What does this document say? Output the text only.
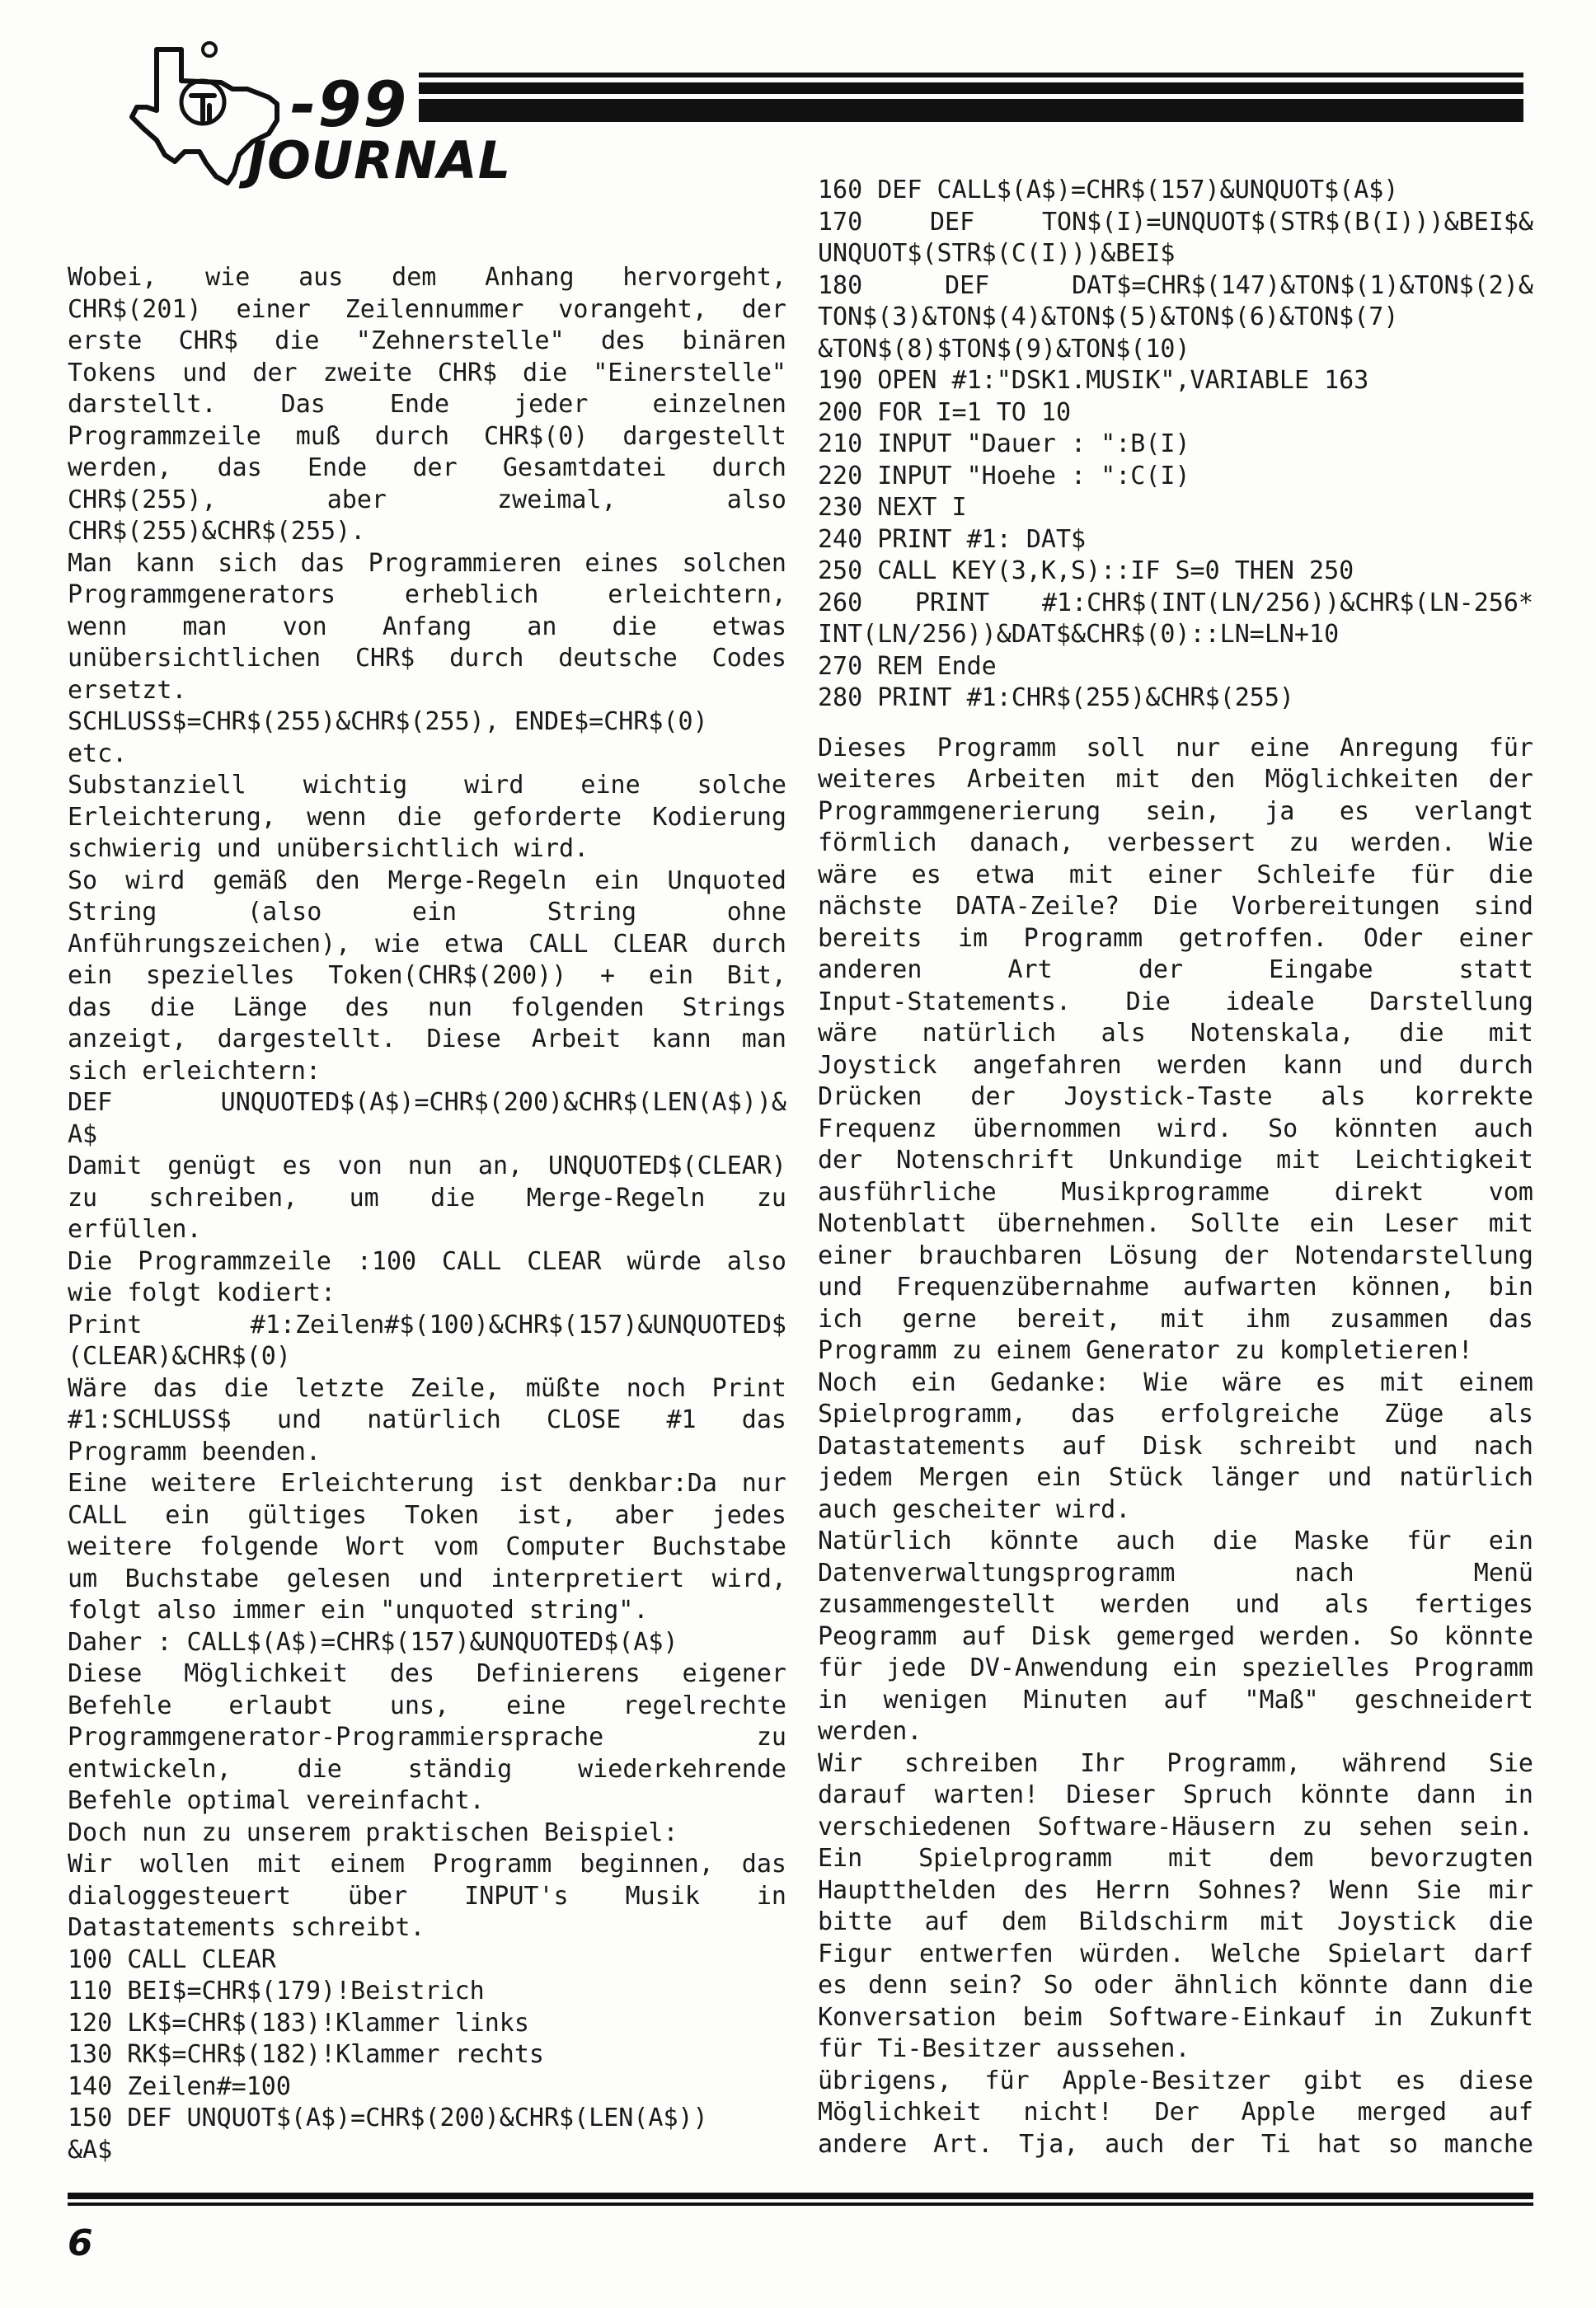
-99
JOURNAL
Wobei, wie aus dem Anhang hervorgeht,
CHR$(201) einer Zeilennummer vorangeht, der
erste CHR$ die "Zehnerstelle" des binären
Tokens und der zweite CHR$ die "Einerstelle"
darstellt. Das Ende jeder einzelnen
Programmzeile muß durch CHR$(0) dargestellt
werden, das Ende der Gesamtdatei durch
CHR$(255), aber zweimal, also
CHR$(255)&CHR$(255).
Man kann sich das Programmieren eines solchen
Programmgenerators erheblich erleichtern,
wenn man von Anfang an die etwas
unübersichtlichen CHR$ durch deutsche Codes
ersetzt.
SCHLUSS$=CHR$(255)&CHR$(255), ENDE$=CHR$(0)
etc.
Substanziell wichtig wird eine solche
Erleichterung, wenn die geforderte Kodierung
schwierig und unübersichtlich wird.
So wird gemäß den Merge-Regeln ein Unquoted
String (also ein String ohne
Anführungszeichen), wie etwa CALL CLEAR durch
ein spezielles Token(CHR$(200)) + ein Bit,
das die Länge des nun folgenden Strings
anzeigt, dargestellt. Diese Arbeit kann man
sich erleichtern:
DEF UNQUOTED$(A$)=CHR$(200)&CHR$(LEN(A$))&
A$
Damit genügt es von nun an, UNQUOTED$(CLEAR)
zu schreiben, um die Merge-Regeln zu
erfüllen.
Die Programmzeile :100 CALL CLEAR würde also
wie folgt kodiert:
Print #1:Zeilen#$(100)&CHR$(157)&UNQUOTED$
(CLEAR)&CHR$(0)
Wäre das die letzte Zeile, müßte noch Print
#1:SCHLUSS$ und natürlich CLOSE #1 das
Programm beenden.
Eine weitere Erleichterung ist denkbar:Da nur
CALL ein gültiges Token ist, aber jedes
weitere folgende Wort vom Computer Buchstabe
um Buchstabe gelesen und interpretiert wird,
folgt also immer ein "unquoted string".
Daher : CALL$(A$)=CHR$(157)&UNQUOTED$(A$)
Diese Möglichkeit des Definierens eigener
Befehle erlaubt uns, eine regelrechte
Programmgenerator-Programmiersprache zu
entwickeln, die ständig wiederkehrende
Befehle optimal vereinfacht.
Doch nun zu unserem praktischen Beispiel:
Wir wollen mit einem Programm beginnen, das
dialoggesteuert über INPUT's Musik in
Datastatements schreibt.
100 CALL CLEAR
110 BEI$=CHR$(179)!Beistrich
120 LK$=CHR$(183)!Klammer links
130 RK$=CHR$(182)!Klammer rechts
140 Zeilen#=100
150 DEF UNQUOT$(A$)=CHR$(200)&CHR$(LEN(A$))
&A$
160 DEF CALL$(A$)=CHR$(157)&UNQUOT$(A$)
170 DEF TON$(I)=UNQUOT$(STR$(B(I)))&BEI$&
UNQUOT$(STR$(C(I)))&BEI$
180 DEF DAT$=CHR$(147)&TON$(1)&TON$(2)&
TON$(3)&TON$(4)&TON$(5)&TON$(6)&TON$(7)
&TON$(8)$TON$(9)&TON$(10)
190 OPEN #1:"DSK1.MUSIK",VARIABLE 163
200 FOR I=1 TO 10
210 INPUT "Dauer : ":B(I)
220 INPUT "Hoehe : ":C(I)
230 NEXT I
240 PRINT #1: DAT$
250 CALL KEY(3,K,S)::IF S=0 THEN 250
260 PRINT #1:CHR$(INT(LN/256))&CHR$(LN-256*
INT(LN/256))&DAT$&CHR$(0)::LN=LN+10
270 REM Ende
280 PRINT #1:CHR$(255)&CHR$(255)
Dieses Programm soll nur eine Anregung für
weiteres Arbeiten mit den Möglichkeiten der
Programmgenerierung sein, ja es verlangt
förmlich danach, verbessert zu werden. Wie
wäre es etwa mit einer Schleife für die
nächste DATA-Zeile? Die Vorbereitungen sind
bereits im Programm getroffen. Oder einer
anderen Art der Eingabe statt
Input-Statements. Die ideale Darstellung
wäre natürlich als Notenskala, die mit
Joystick angefahren werden kann und durch
Drücken der Joystick-Taste als korrekte
Frequenz übernommen wird. So könnten auch
der Notenschrift Unkundige mit Leichtigkeit
ausführliche Musikprogramme direkt vom
Notenblatt übernehmen. Sollte ein Leser mit
einer brauchbaren Lösung der Notendarstellung
und Frequenzübernahme aufwarten können, bin
ich gerne bereit, mit ihm zusammen das
Programm zu einem Generator zu kompletieren!
Noch ein Gedanke: Wie wäre es mit einem
Spielprogramm, das erfolgreiche Züge als
Datastatements auf Disk schreibt und nach
jedem Mergen ein Stück länger und natürlich
auch gescheiter wird.
Natürlich könnte auch die Maske für ein
Datenverwaltungsprogramm nach Menü
zusammengestellt werden und als fertiges
Peogramm auf Disk gemerged werden. So könnte
für jede DV-Anwendung ein spezielles Programm
in wenigen Minuten auf "Maß" geschneidert
werden.
Wir schreiben Ihr Programm, während Sie
darauf warten! Dieser Spruch könnte dann in
verschiedenen Software-Häusern zu sehen sein.
Ein Spielprogramm mit dem bevorzugten
Hauptthelden des Herrn Sohnes? Wenn Sie mir
bitte auf dem Bildschirm mit Joystick die
Figur entwerfen würden. Welche Spielart darf
es denn sein? So oder ähnlich könnte dann die
Konversation beim Software-Einkauf in Zukunft
für Ti-Besitzer aussehen.
übrigens, für Apple-Besitzer gibt es diese
Möglichkeit nicht! Der Apple merged auf
andere Art. Tja, auch der Ti hat so manche
6
